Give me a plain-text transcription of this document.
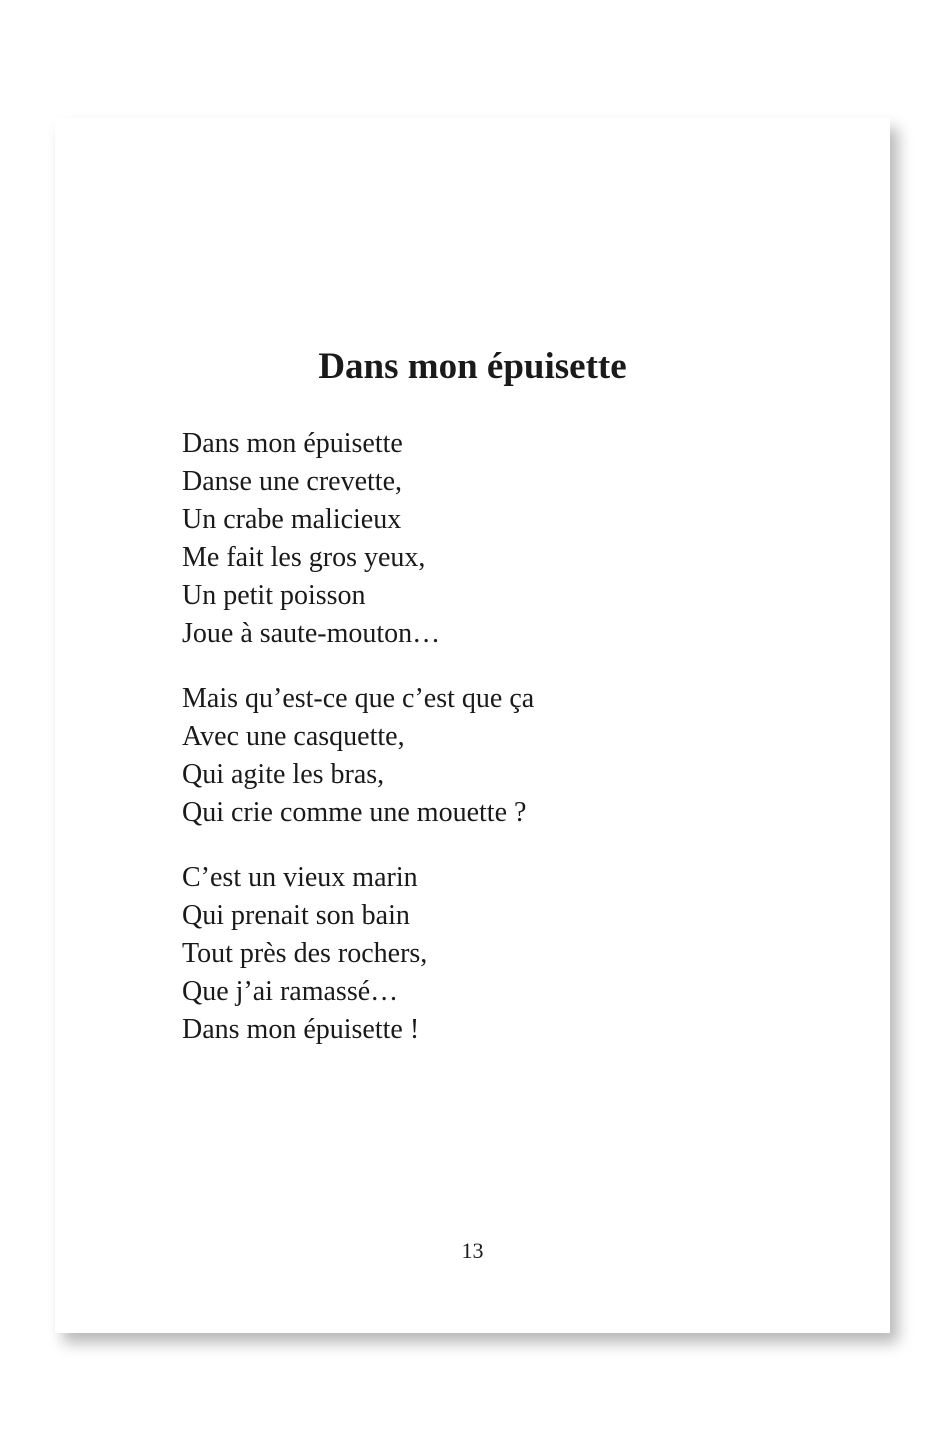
Dans mon épuisette
Dans mon épuisette
Danse une crevette,
Un crabe malicieux
Me fait les gros yeux,
Un petit poisson
Joue à saute-mouton…
Mais qu’est-ce que c’est que ça
Avec une casquette,
Qui agite les bras,
Qui crie comme une mouette ?
C’est un vieux marin
Qui prenait son bain
Tout près des rochers,
Que j’ai ramassé…
Dans mon épuisette !
13
